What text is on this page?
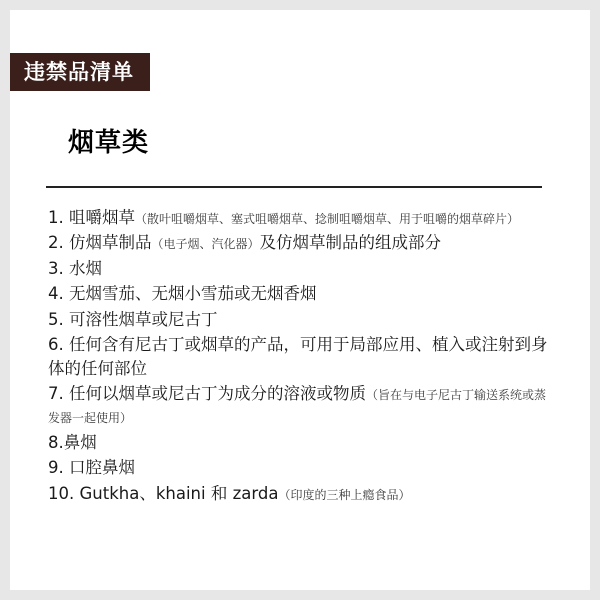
违禁品清单
烟草类

1. 咀嚼烟草（散叶咀嚼烟草、塞式咀嚼烟草、捻制咀嚼烟草、用于咀嚼的烟草碎片）

2. 仿烟草制品（电子烟、汽化器）及仿烟草制品的组成部分

3. 水烟

4. 无烟雪茄、无烟小雪茄或无烟香烟

5. 可溶性烟草或尼古丁

6. 任何含有尼古丁或烟草的产品，可用于局部应用、植入或注射到身体的任何部位

7. 任何以烟草或尼古丁为成分的溶液或物质（旨在与电子尼古丁输送系统或蒸发器一起使用）

8.鼻烟

9. 口腔鼻烟

10. Gutkha、khaini 和 zarda（印度的三种上瘾食品）
